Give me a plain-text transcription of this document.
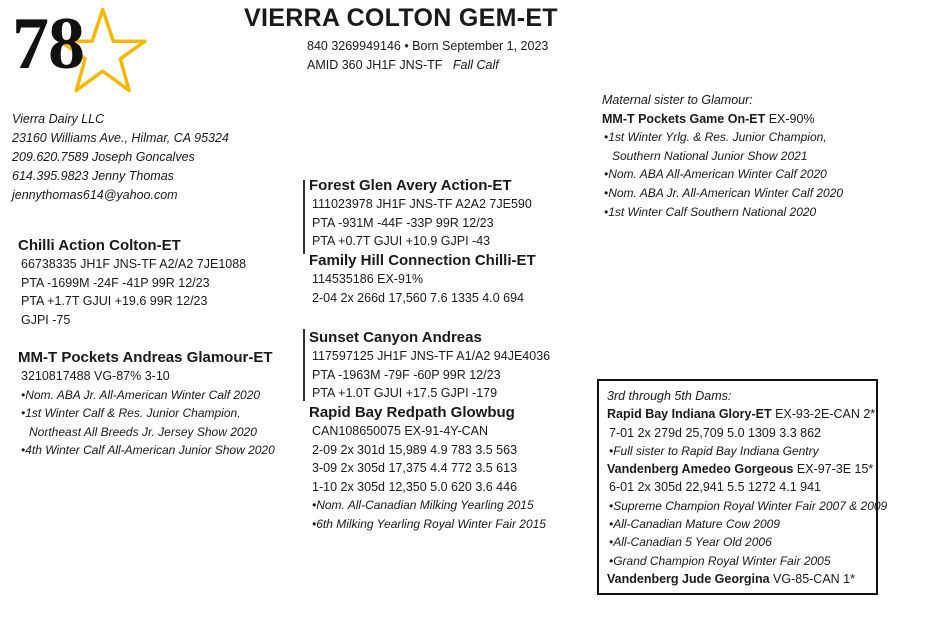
78	VIERRA COLTON GEM-ET
840 3269949146 • Born September 1, 2023
AMID 360 JH1F JNS-TF Fall Calf
Vierra Dairy LLC
23160 Williams Ave., Hilmar, CA 95324
209.620.7589 Joseph Goncalves
614.395.9823 Jenny Thomas
jennythomas614@yahoo.com
Chilli Action Colton-ET
66738335 JH1F JNS-TF A2/A2 7JE1088
PTA -1699M -24F -41P 99R 12/23
PTA +1.7T GJUI +19.6 99R 12/23
GJPI -75
MM-T Pockets Andreas Glamour-ET
3210817488 VG-87% 3-10
•Nom. ABA Jr. All-American Winter Calf 2020
•1st Winter Calf & Res. Junior Champion,
Northeast All Breeds Jr. Jersey Show 2020
•4th Winter Calf All-American Junior Show 2020
Forest Glen Avery Action-ET
111023978 JH1F JNS-TF A2A2 7JE590
PTA -931M -44F -33P 99R 12/23
PTA +0.7T GJUI +10.9 GJPI -43
Family Hill Connection Chilli-ET
114535186 EX-91%
2-04 2x 266d 17,560 7.6 1335 4.0 694
Sunset Canyon Andreas
117597125 JH1F JNS-TF A1/A2 94JE4036
PTA -1963M -79F -60P 99R 12/23
PTA +1.0T GJUI +17.5 GJPI -179
Rapid Bay Redpath Glowbug
CAN108650075 EX-91-4Y-CAN
2-09 2x 301d 15,989 4.9 783 3.5 563
3-09 2x 305d 17,375 4.4 772 3.5 613
1-10 2x 305d 12,350 5.0 620 3.6 446
•Nom. All-Canadian Milking Yearling 2015
•6th Milking Yearling Royal Winter Fair 2015
Maternal sister to Glamour:
MM-T Pockets Game On-ET EX-90%
•1st Winter Yrlg. & Res. Junior Champion,
Southern National Junior Show 2021
•Nom. ABA All-American Winter Calf 2020
•Nom. ABA Jr. All-American Winter Calf 2020
•1st Winter Calf Southern National 2020
3rd through 5th Dams:
Rapid Bay Indiana Glory-ET EX-93-2E-CAN 2*
7-01 2x 279d 25,709 5.0 1309 3.3 862
•Full sister to Rapid Bay Indiana Gentry
Vandenberg Amedeo Gorgeous EX-97-3E 15*
6-01 2x 305d 22,941 5.5 1272 4.1 941
•Supreme Champion Royal Winter Fair 2007 & 2009
•All-Canadian Mature Cow 2009
•All-Canadian 5 Year Old 2006
•Grand Champion Royal Winter Fair 2005
Vandenberg Jude Georgina VG-85-CAN 1*
